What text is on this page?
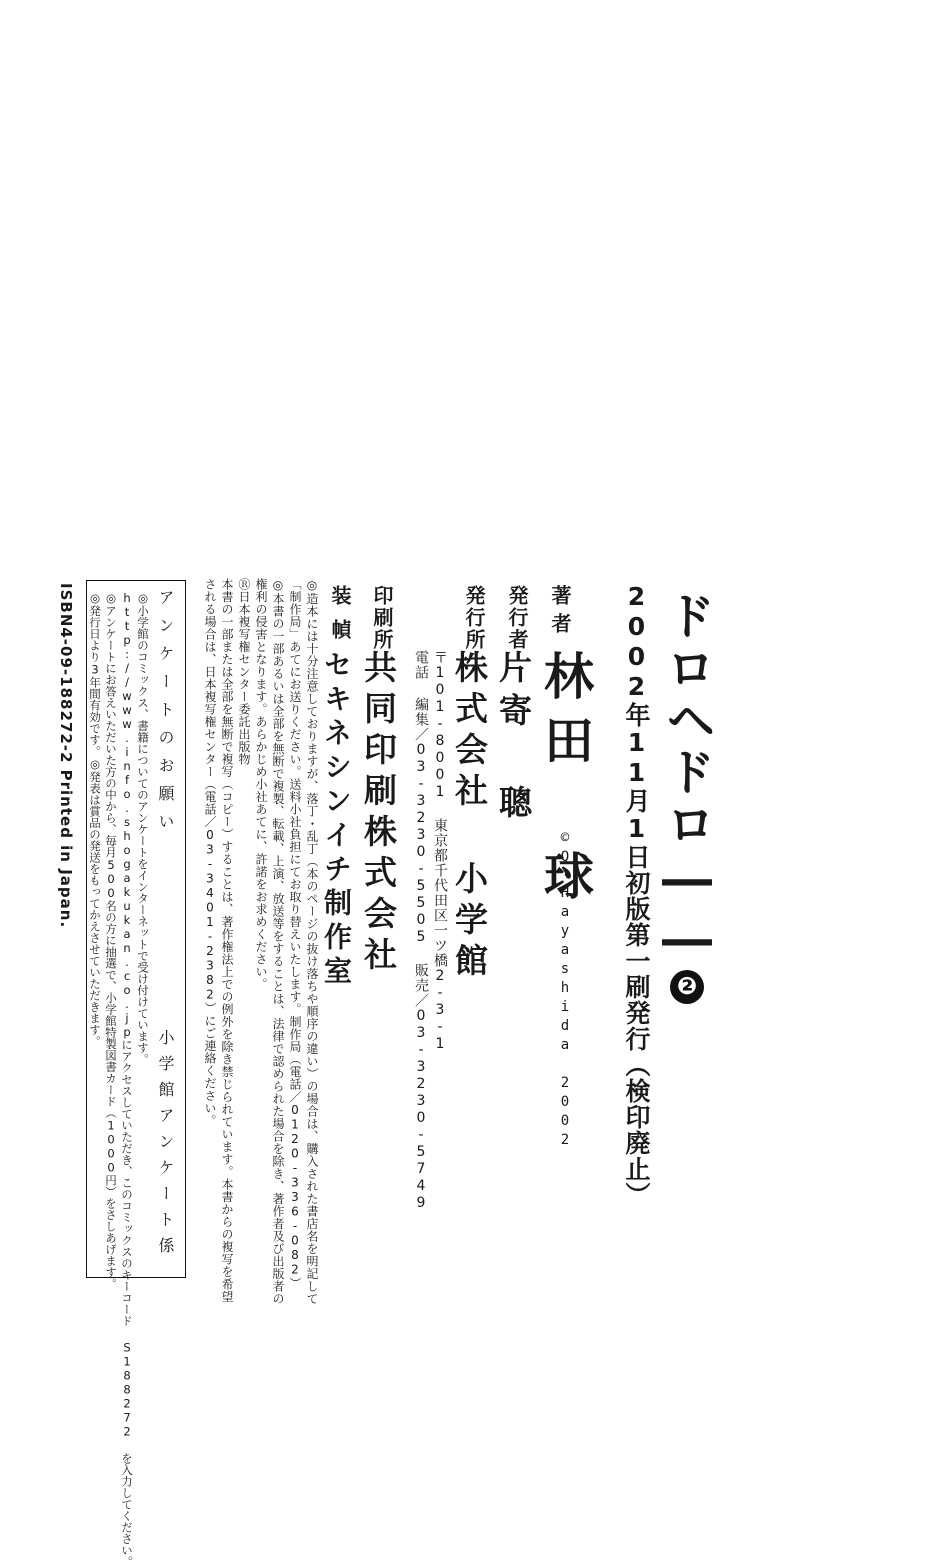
ドロヘドロ――❷
2002年11月1日初版第一刷発行（検印廃止）
著者
林田 球
©Q・Hayashida 2002
発行者
片寄 聰
発行所
株式会社 小学館
〒101-8001 東京都千代田区一ツ橋2-3-1
電話 編集／03-3230-5505 販売／03-3230-5749
印刷所
共同印刷株式会社
装幀
セキネシンイチ制作室

◎造本には十分注意しておりますが、落丁・乱丁（本のページの抜け落ちや順序の違い）の場合は、購入された書店名を明記して

「制作局」あてにお送りください。送料小社負担にてお取り替えいたします。制作局（電話／0120-336-082）

◎本書の一部あるいは全部を無断で複製、転載、上演、放送等をすることは、法律で認められた場合を除き、著作者及び出版者の

権利の侵害となります。あらかじめ小社あてに、許諾をお求めください。

Ⓡ日本複写権センター委託出版物

本書の一部または全部を無断で複写（コピー）することは、著作権法上での例外を除き禁じられています。本書からの複写を希望

される場合は、日本複写権センター（電話／03-3401-2382）にご連絡ください。

アンケートのお願い
小学館アンケート係

◎小学館のコミックス、書籍についてのアンケートをインターネットで受け付けています。

http://www.info.shogakukan.co.jpにアクセスしていただき、このコミックスのキーコード S188272 を入力してください。

◎アンケートにお答えいただいた方の中から、毎月500名の方に抽選で、小学館特製図書カード（1000円）をさしあげます。

◎発行日より3年間有効です。◎発表は賞品の発送をもってかえさせていただきます。

ISBN4-09-188272-2 Printed in Japan.
